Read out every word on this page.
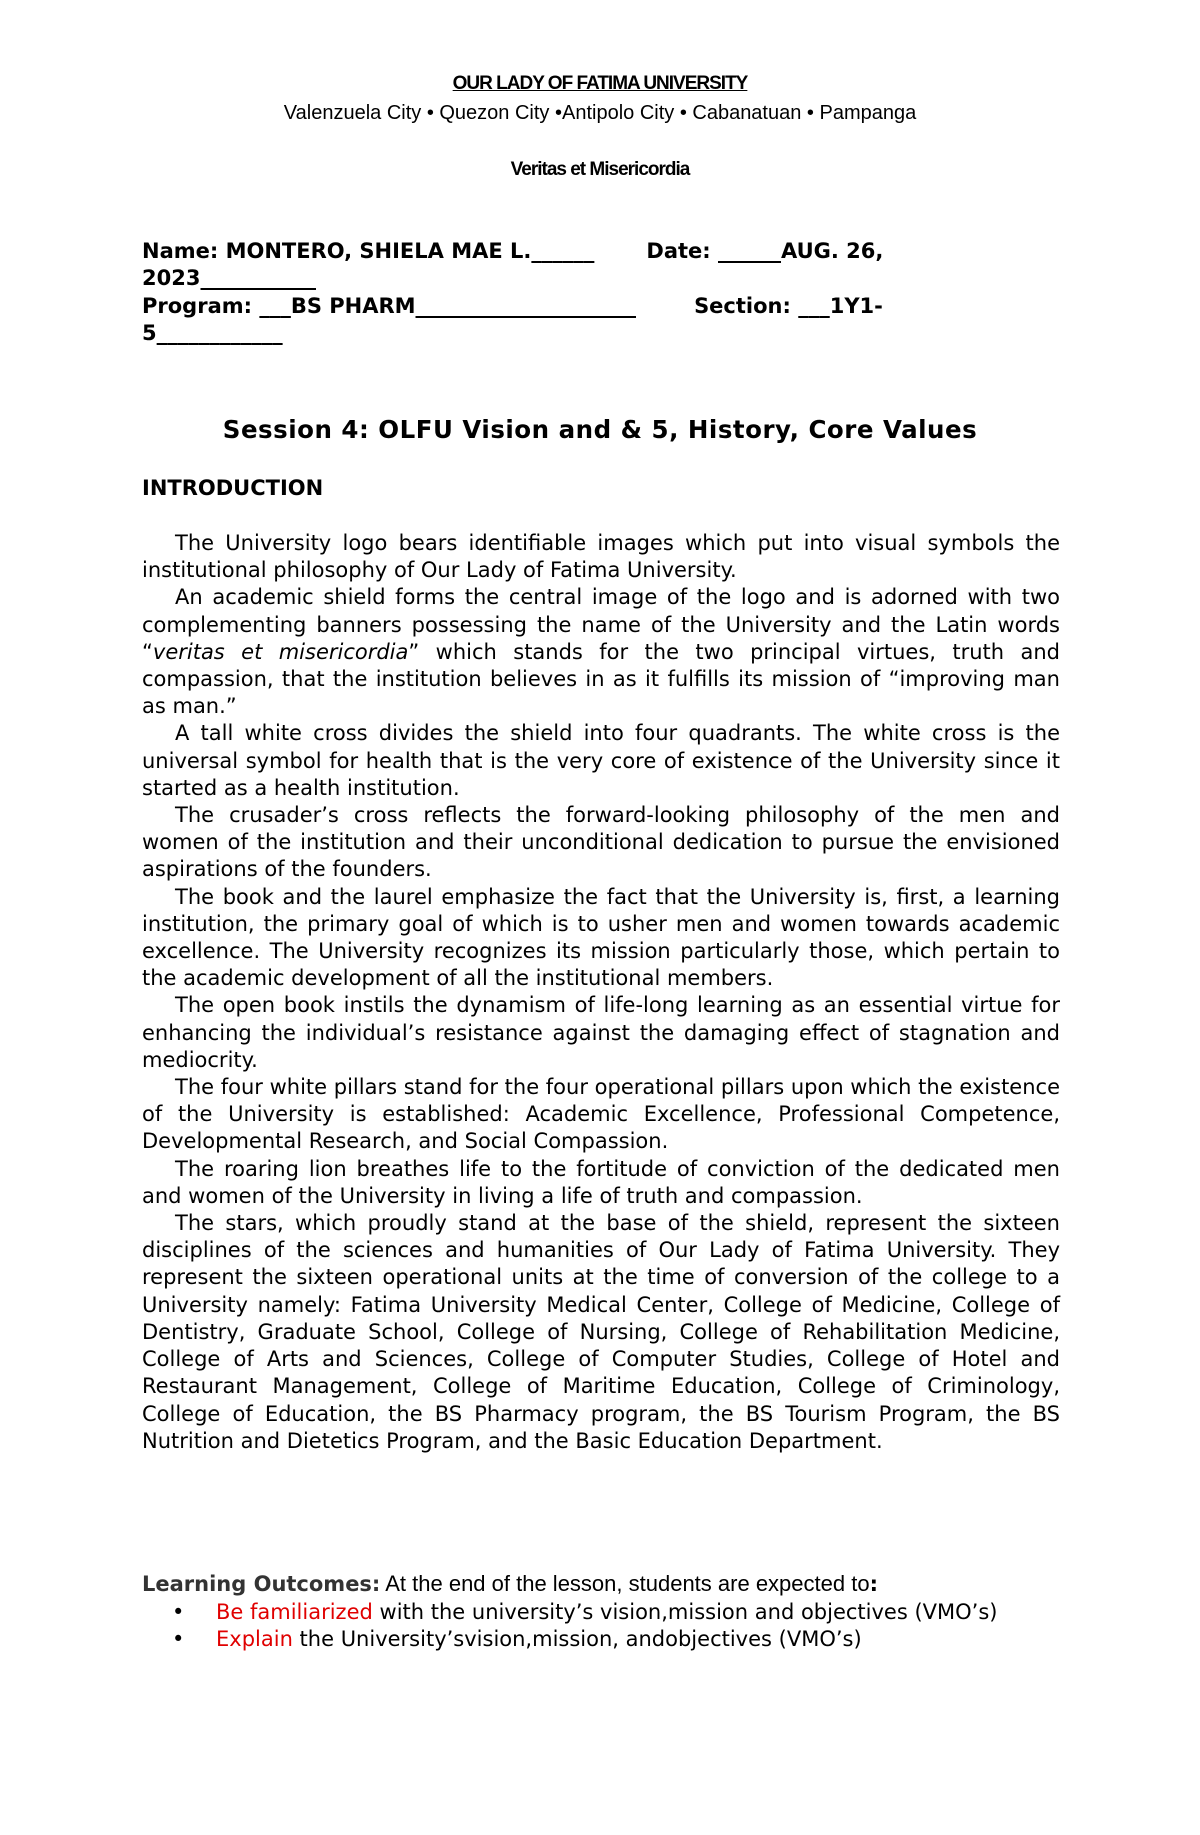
OUR LADY OF FATIMA UNIVERSITY
Valenzuela City • Quezon City •Antipolo City • Cabanatuan • Pampanga
Veritas et Misericordia
Name: MONTERO, SHIELA MAE L.______ Date: ______AUG. 26,
2023___________
Program: ___BS PHARM_____________________	Section: ___1Y1-
5____________
Session 4: OLFU Vision and & 5, History, Core Values
INTRODUCTION

The University logo bears identifiable images which put into visual symbols the institutional philosophy of Our Lady of Fatima University.

An academic shield forms the central image of the logo and is adorned with two complementing banners possessing the name of the University and the Latin words “veritas et misericordia” which stands for the two principal virtues, truth and compassion, that the institution believes in as it fulfills its mission of “improving man as man.”

A tall white cross divides the shield into four quadrants. The white cross is the universal symbol for health that is the very core of existence of the University since it started as a health institution.

The crusader’s cross reflects the forward-looking philosophy of the men and women of the institution and their unconditional dedication to pursue the envisioned aspirations of the founders.

The book and the laurel emphasize the fact that the University is, first, a learning institution, the primary goal of which is to usher men and women towards academic excellence. The University recognizes its mission particularly those, which pertain to the academic development of all the institutional members.

The open book instils the dynamism of life-long learning as an essential virtue for enhancing the individual’s resistance against the damaging effect of stagnation and mediocrity.

The four white pillars stand for the four operational pillars upon which the existence of the University is established: Academic Excellence, Professional Competence, Developmental Research, and Social Compassion.

The roaring lion breathes life to the fortitude of conviction of the dedicated men and women of the University in living a life of truth and compassion.

The stars, which proudly stand at the base of the shield, represent the sixteen disciplines of the sciences and humanities of Our Lady of Fatima University. They represent the sixteen operational units at the time of conversion of the college to a University namely: Fatima University Medical Center, College of Medicine, College of Dentistry, Graduate School, College of Nursing, College of Rehabilitation Medicine, College of Arts and Sciences, College of Computer Studies, College of Hotel and Restaurant Management, College of Maritime Education, College of Criminology, College of Education, the BS Pharmacy program, the BS Tourism Program, the BS Nutrition and Dietetics Program, and the Basic Education Department.

Learning Outcomes: At the end of the lesson, students are expected to:
• Be familiarized with the university’s vision,mission and objectives (VMO’s)
• Explain the University’svision,mission, andobjectives (VMO’s)
